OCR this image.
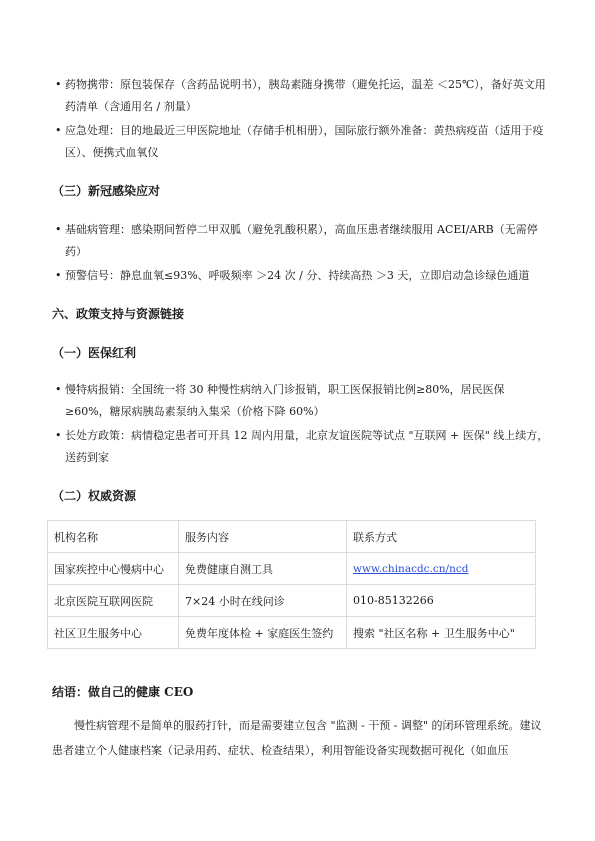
• 药物携带：原包装保存（含药品说明书），胰岛素随身携带（避免托运，温差 ＜25℃），备好英文用药清单（含通用名 / 剂量）
• 应急处理：目的地最近三甲医院地址（存储手机相册），国际旅行额外准备：黄热病疫苗（适用于疫区）、便携式血氧仪
（三）新冠感染应对
• 基础病管理：感染期间暂停二甲双胍（避免乳酸积累），高血压患者继续服用 ACEI/ARB（无需停药）
• 预警信号：静息血氧≤93%、呼吸频率 ＞24 次 / 分、持续高热 ＞3 天，立即启动急诊绿色通道
六、政策支持与资源链接
（一）医保红利
• 慢特病报销：全国统一将 30 种慢性病纳入门诊报销，职工医保报销比例≥80%，居民医保≥60%，糖尿病胰岛素泵纳入集采（价格下降 60%）
• 长处方政策：病情稳定患者可开具 12 周内用量，北京友谊医院等试点 "互联网 + 医保" 线上续方，送药到家
（二）权威资源
机构名称	服务内容	联系方式
国家疾控中心慢病中心	免费健康自测工具	www.chinacdc.cn/ncd
北京医院互联网医院	7×24 小时在线问诊	010-85132266
社区卫生服务中心	免费年度体检 + 家庭医生签约	搜索 "社区名称 + 卫生服务中心"
结语：做自己的健康 CEO
慢性病管理不是简单的服药打针，而是需要建立包含 "监测 - 干预 - 调整" 的闭环管理系统。建议患者建立个人健康档案（记录用药、症状、检查结果），利用智能设备实现数据可视化（如血压
